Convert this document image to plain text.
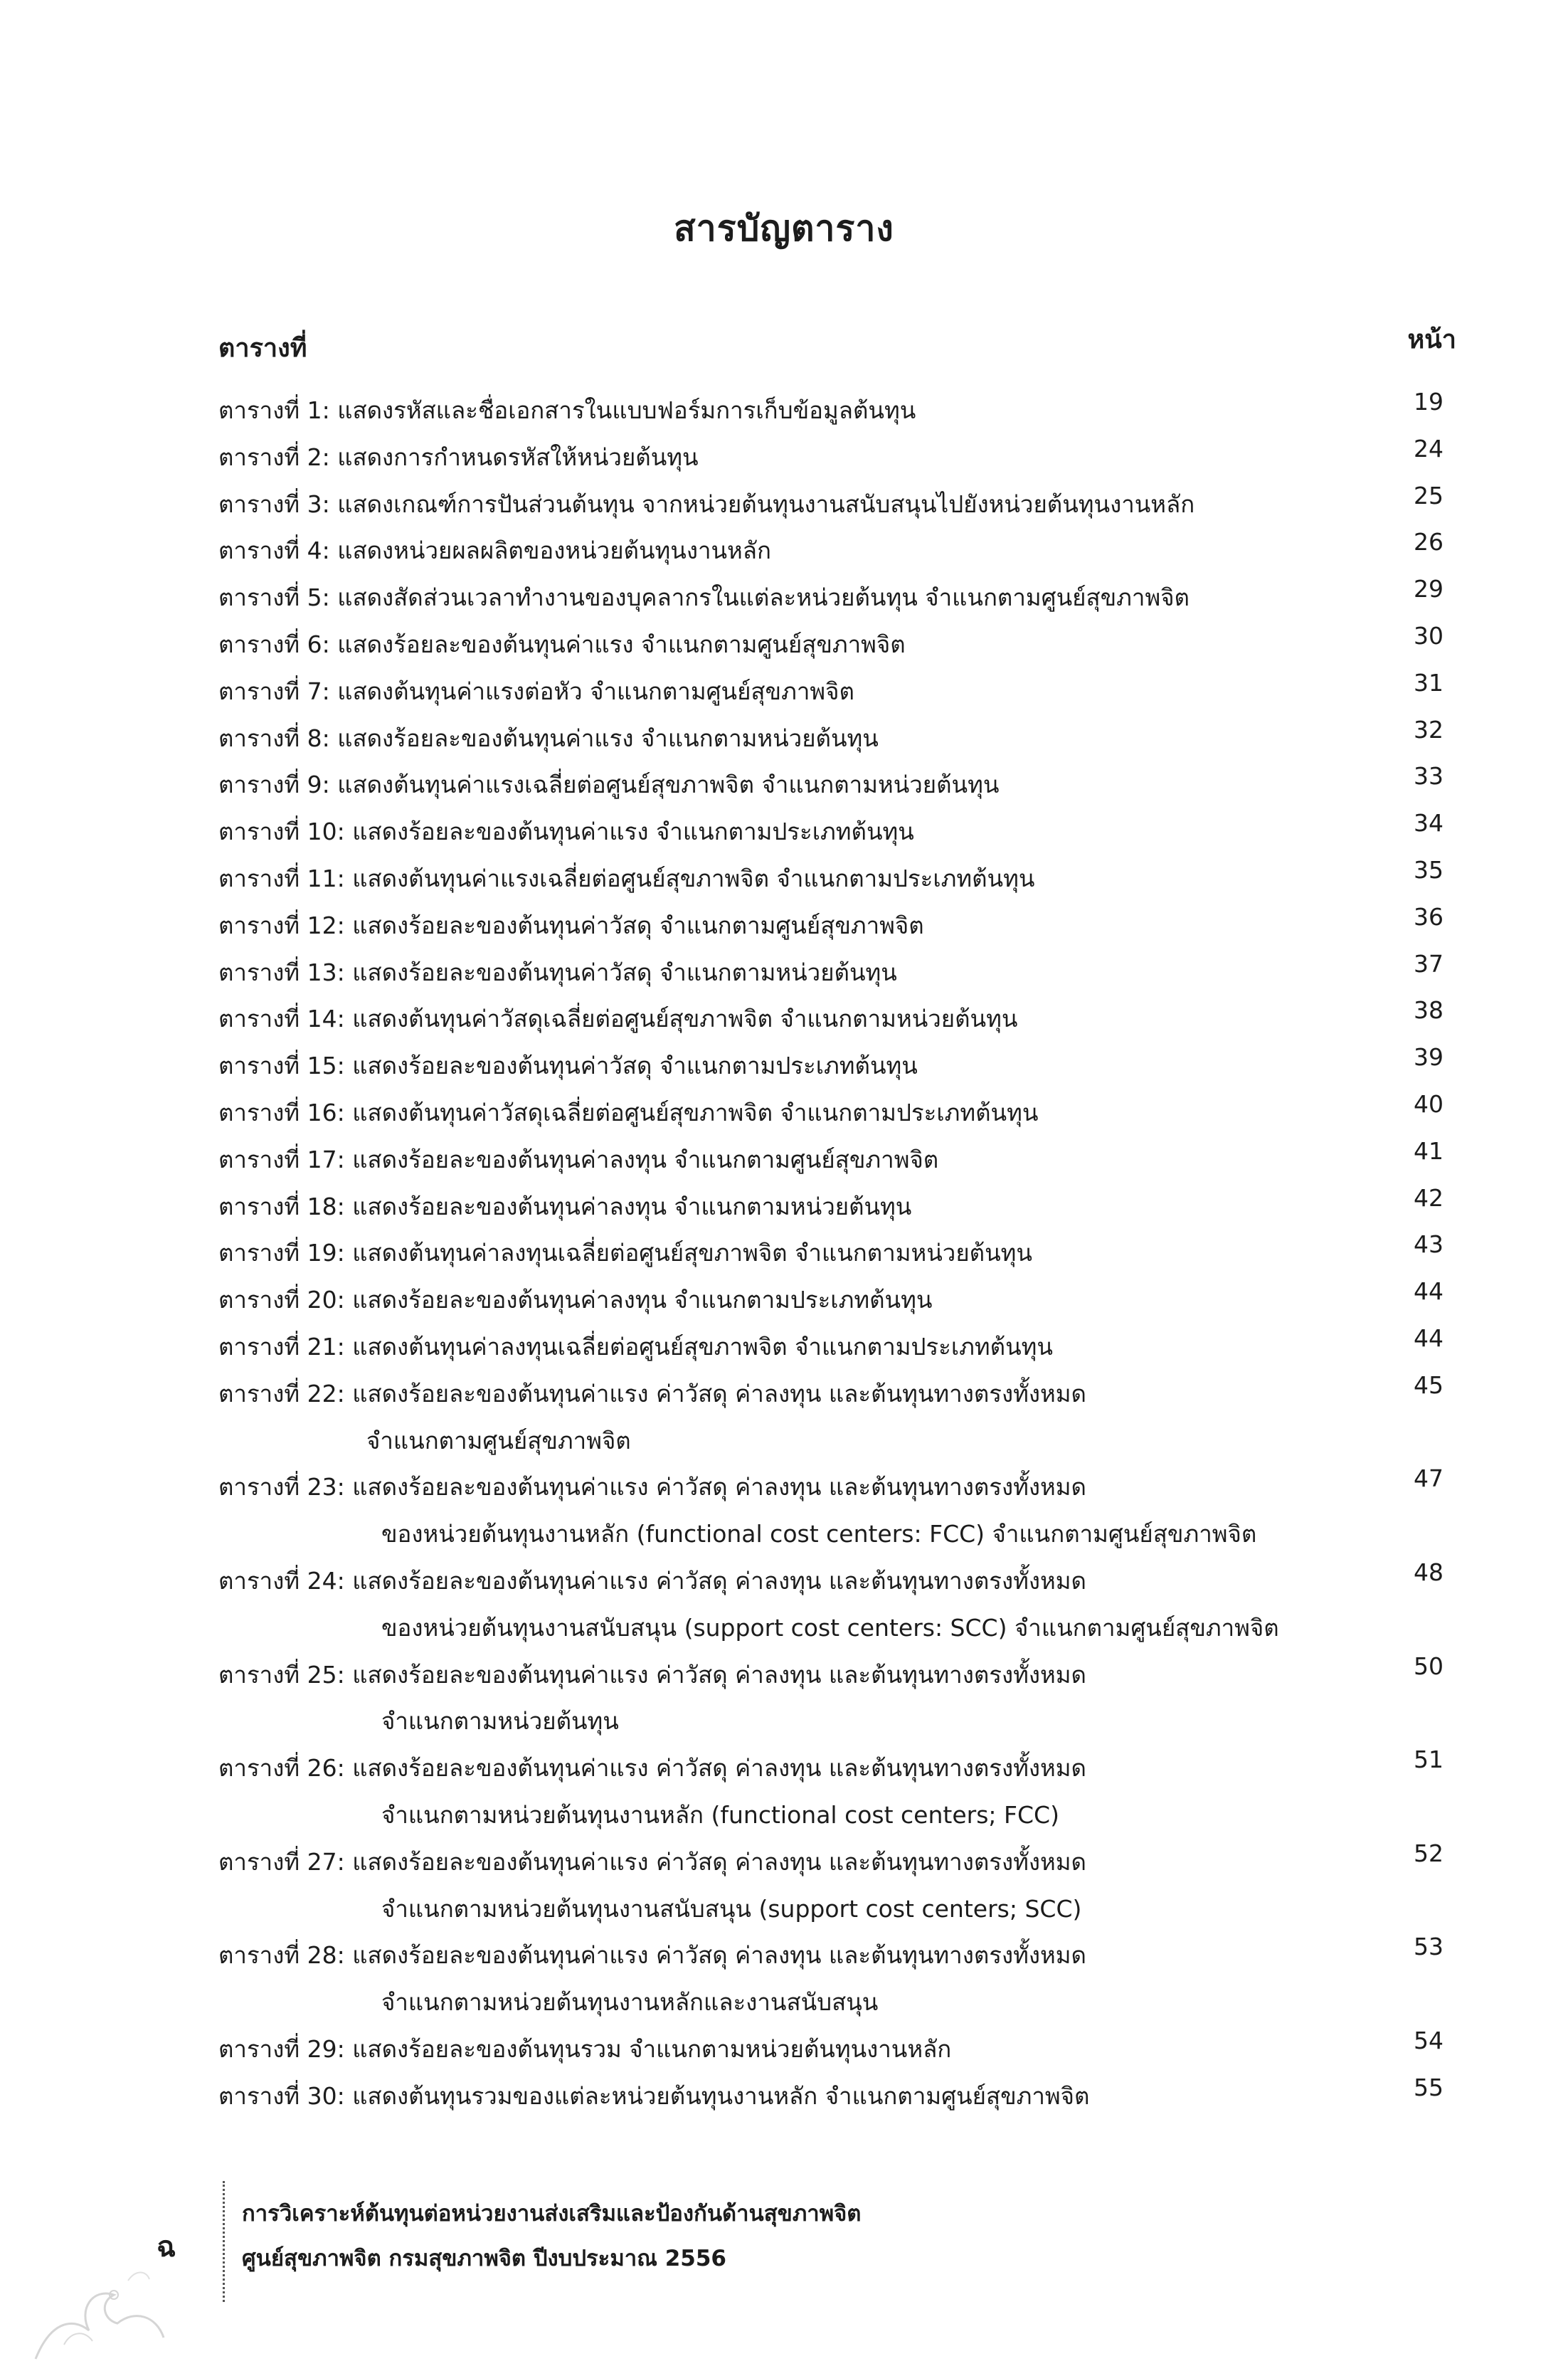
สารบัญตาราง
ตารางที่	หน้า
ตารางที่ 1: แสดงรหัสและชื่อเอกสารในแบบฟอร์มการเก็บข้อมูลต้นทุน	19
ตารางที่ 2: แสดงการกำหนดรหัสให้หน่วยต้นทุน	24
ตารางที่ 3: แสดงเกณฑ์การปันส่วนต้นทุน จากหน่วยต้นทุนงานสนับสนุนไปยังหน่วยต้นทุนงานหลัก	25
ตารางที่ 4: แสดงหน่วยผลผลิตของหน่วยต้นทุนงานหลัก	26
ตารางที่ 5: แสดงสัดส่วนเวลาทำงานของบุคลากรในแต่ละหน่วยต้นทุน จำแนกตามศูนย์สุขภาพจิต	29
ตารางที่ 6: แสดงร้อยละของต้นทุนค่าแรง จำแนกตามศูนย์สุขภาพจิต	30
ตารางที่ 7: แสดงต้นทุนค่าแรงต่อหัว จำแนกตามศูนย์สุขภาพจิต	31
ตารางที่ 8: แสดงร้อยละของต้นทุนค่าแรง จำแนกตามหน่วยต้นทุน	32
ตารางที่ 9: แสดงต้นทุนค่าแรงเฉลี่ยต่อศูนย์สุขภาพจิต จำแนกตามหน่วยต้นทุน	33
ตารางที่ 10: แสดงร้อยละของต้นทุนค่าแรง จำแนกตามประเภทต้นทุน	34
ตารางที่ 11: แสดงต้นทุนค่าแรงเฉลี่ยต่อศูนย์สุขภาพจิต จำแนกตามประเภทต้นทุน	35
ตารางที่ 12: แสดงร้อยละของต้นทุนค่าวัสดุ จำแนกตามศูนย์สุขภาพจิต	36
ตารางที่ 13: แสดงร้อยละของต้นทุนค่าวัสดุ จำแนกตามหน่วยต้นทุน	37
ตารางที่ 14: แสดงต้นทุนค่าวัสดุเฉลี่ยต่อศูนย์สุขภาพจิต จำแนกตามหน่วยต้นทุน	38
ตารางที่ 15: แสดงร้อยละของต้นทุนค่าวัสดุ จำแนกตามประเภทต้นทุน	39
ตารางที่ 16: แสดงต้นทุนค่าวัสดุเฉลี่ยต่อศูนย์สุขภาพจิต จำแนกตามประเภทต้นทุน	40
ตารางที่ 17: แสดงร้อยละของต้นทุนค่าลงทุน จำแนกตามศูนย์สุขภาพจิต	41
ตารางที่ 18: แสดงร้อยละของต้นทุนค่าลงทุน จำแนกตามหน่วยต้นทุน	42
ตารางที่ 19: แสดงต้นทุนค่าลงทุนเฉลี่ยต่อศูนย์สุขภาพจิต จำแนกตามหน่วยต้นทุน	43
ตารางที่ 20: แสดงร้อยละของต้นทุนค่าลงทุน จำแนกตามประเภทต้นทุน	44
ตารางที่ 21: แสดงต้นทุนค่าลงทุนเฉลี่ยต่อศูนย์สุขภาพจิต จำแนกตามประเภทต้นทุน	44
ตารางที่ 22: แสดงร้อยละของต้นทุนค่าแรง ค่าวัสดุ ค่าลงทุน และต้นทุนทางตรงทั้งหมด	45
จำแนกตามศูนย์สุขภาพจิต
ตารางที่ 23: แสดงร้อยละของต้นทุนค่าแรง ค่าวัสดุ ค่าลงทุน และต้นทุนทางตรงทั้งหมด	47
ของหน่วยต้นทุนงานหลัก (functional cost centers: FCC) จำแนกตามศูนย์สุขภาพจิต
ตารางที่ 24: แสดงร้อยละของต้นทุนค่าแรง ค่าวัสดุ ค่าลงทุน และต้นทุนทางตรงทั้งหมด	48
ของหน่วยต้นทุนงานสนับสนุน (support cost centers: SCC) จำแนกตามศูนย์สุขภาพจิต
ตารางที่ 25: แสดงร้อยละของต้นทุนค่าแรง ค่าวัสดุ ค่าลงทุน และต้นทุนทางตรงทั้งหมด	50
จำแนกตามหน่วยต้นทุน
ตารางที่ 26: แสดงร้อยละของต้นทุนค่าแรง ค่าวัสดุ ค่าลงทุน และต้นทุนทางตรงทั้งหมด	51
จำแนกตามหน่วยต้นทุนงานหลัก (functional cost centers; FCC)
ตารางที่ 27: แสดงร้อยละของต้นทุนค่าแรง ค่าวัสดุ ค่าลงทุน และต้นทุนทางตรงทั้งหมด	52
จำแนกตามหน่วยต้นทุนงานสนับสนุน (support cost centers; SCC)
ตารางที่ 28: แสดงร้อยละของต้นทุนค่าแรง ค่าวัสดุ ค่าลงทุน และต้นทุนทางตรงทั้งหมด	53
จำแนกตามหน่วยต้นทุนงานหลักและงานสนับสนุน
ตารางที่ 29: แสดงร้อยละของต้นทุนรวม จำแนกตามหน่วยต้นทุนงานหลัก	54
ตารางที่ 30: แสดงต้นทุนรวมของแต่ละหน่วยต้นทุนงานหลัก จำแนกตามศูนย์สุขภาพจิต	55
ฉ
การวิเคราะห์ต้นทุนต่อหน่วยงานส่งเสริมและป้องกันด้านสุขภาพจิต
ศูนย์สุขภาพจิต กรมสุขภาพจิต ปีงบประมาณ 2556
